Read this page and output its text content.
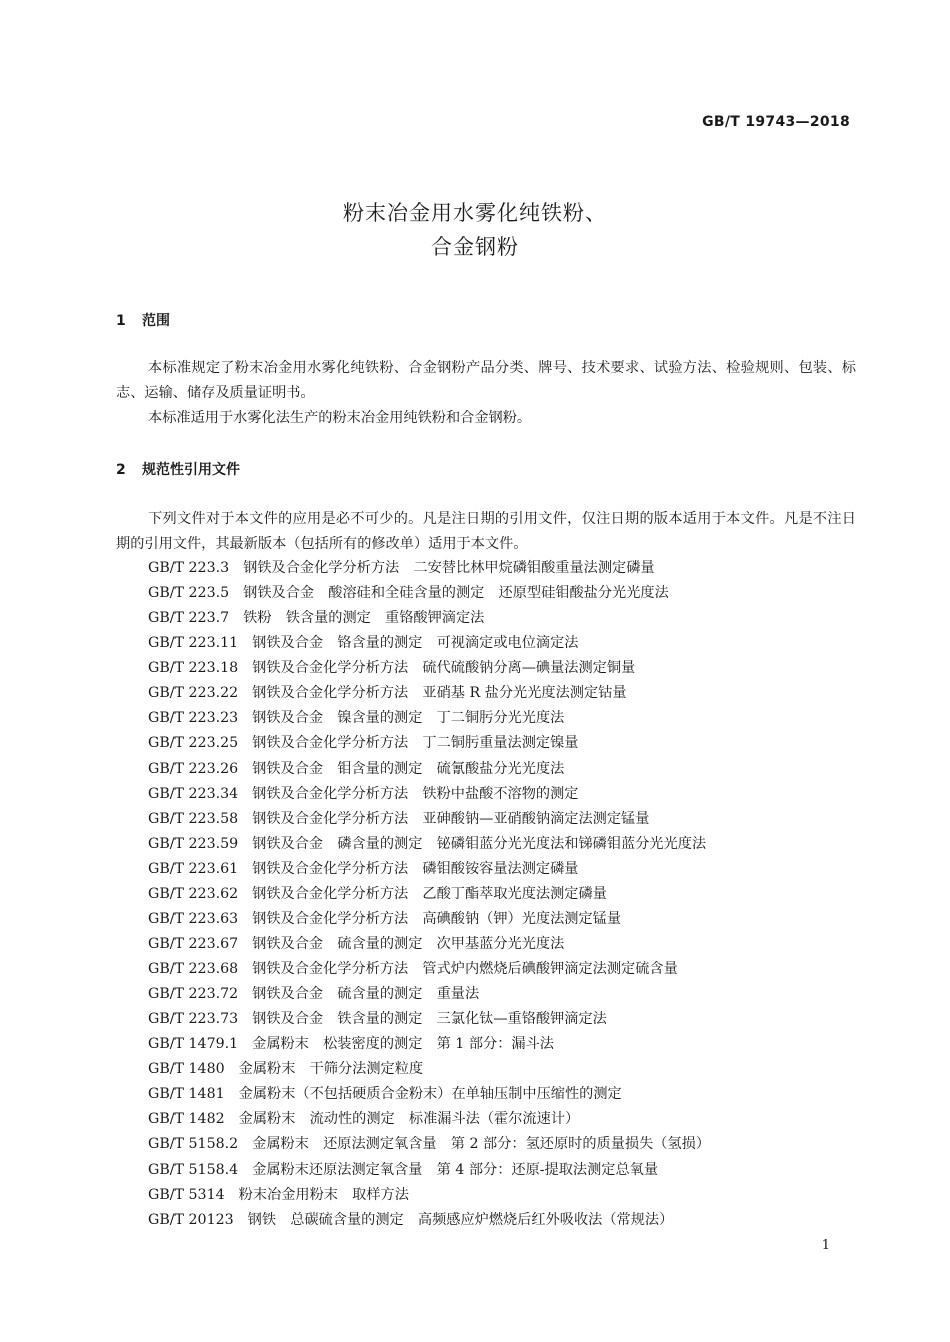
GB/T 19743—2018
粉末冶金用水雾化纯铁粉、
合金钢粉
1 范围

本标准规定了粉末冶金用水雾化纯铁粉、合金钢粉产品分类、牌号、技术要求、试验方法、检验规则、包装、标志、运输、储存及质量证明书。

本标准适用于水雾化法生产的粉末冶金用纯铁粉和合金钢粉。

2 规范性引用文件

下列文件对于本文件的应用是必不可少的。凡是注日期的引用文件，仅注日期的版本适用于本文件。凡是不注日期的引用文件，其最新版本（包括所有的修改单）适用于本文件。

GB/T 223.3 钢铁及合金化学分析方法　二安替比林甲烷磷钼酸重量法测定磷量
GB/T 223.5 钢铁及合金　酸溶硅和全硅含量的测定　还原型硅钼酸盐分光光度法
GB/T 223.7 铁粉　铁含量的测定　重铬酸钾滴定法
GB/T 223.11 钢铁及合金　铬含量的测定　可视滴定或电位滴定法
GB/T 223.18 钢铁及合金化学分析方法　硫代硫酸钠分离—碘量法测定铜量
GB/T 223.22 钢铁及合金化学分析方法　亚硝基 R 盐分光光度法测定钴量
GB/T 223.23 钢铁及合金　镍含量的测定　丁二铜肟分光光度法
GB/T 223.25 钢铁及合金化学分析方法　丁二铜肟重量法测定镍量
GB/T 223.26 钢铁及合金　钼含量的测定　硫氰酸盐分光光度法
GB/T 223.34 钢铁及合金化学分析方法　铁粉中盐酸不溶物的测定
GB/T 223.58 钢铁及合金化学分析方法　亚砷酸钠—亚硝酸钠滴定法测定锰量
GB/T 223.59 钢铁及合金　磷含量的测定　铋磷钼蓝分光光度法和锑磷钼蓝分光光度法
GB/T 223.61 钢铁及合金化学分析方法　磷钼酸铵容量法测定磷量
GB/T 223.62 钢铁及合金化学分析方法　乙酸丁酯萃取光度法测定磷量
GB/T 223.63 钢铁及合金化学分析方法　高碘酸钠（钾）光度法测定锰量
GB/T 223.67 钢铁及合金　硫含量的测定　次甲基蓝分光光度法
GB/T 223.68 钢铁及合金化学分析方法　管式炉内燃烧后碘酸钾滴定法测定硫含量
GB/T 223.72 钢铁及合金　硫含量的测定　重量法
GB/T 223.73 钢铁及合金　铁含量的测定　三氯化钛—重铬酸钾滴定法
GB/T 1479.1 金属粉末　松装密度的测定　第 1 部分：漏斗法
GB/T 1480 金属粉末　干筛分法测定粒度
GB/T 1481 金属粉末（不包括硬质合金粉末）在单轴压制中压缩性的测定
GB/T 1482 金属粉末　流动性的测定　标准漏斗法（霍尔流速计）
GB/T 5158.2 金属粉末　还原法测定氧含量　第 2 部分：氢还原时的质量损失（氢损）
GB/T 5158.4 金属粉末还原法测定氧含量　第 4 部分：还原-提取法测定总氧量
GB/T 5314 粉末冶金用粉末　取样方法
GB/T 20123 钢铁　总碳硫含量的测定　高频感应炉燃烧后红外吸收法（常规法）
1
